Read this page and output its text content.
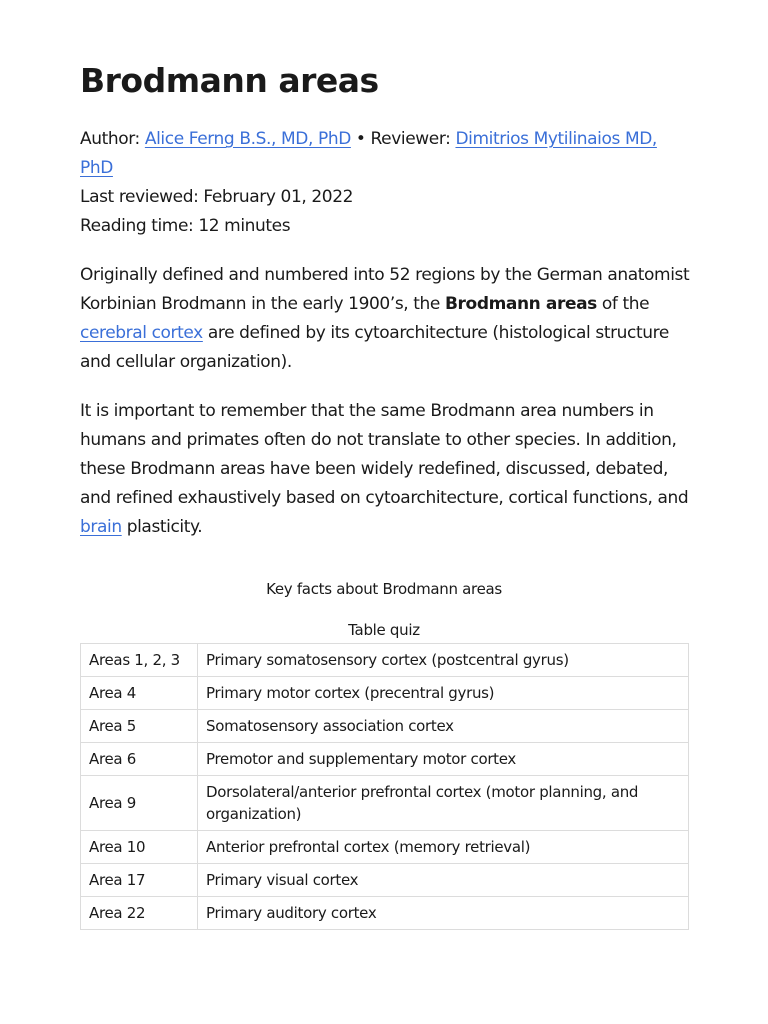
Brodmann areas

Author: Alice Ferng B.S., MD, PhD • Reviewer: Dimitrios Mytilinaios MD, PhD

Last reviewed: February 01, 2022

Reading time: 12 minutes

Originally defined and numbered into 52 regions by the German anatomist Korbinian Brodmann in the early 1900’s, the Brodmann areas of the cerebral cortex are defined by its cytoarchitecture (histological structure and cellular organization).

It is important to remember that the same Brodmann area numbers in humans and primates often do not translate to other species. In addition, these Brodmann areas have been widely redefined, discussed, debated, and refined exhaustively based on cytoarchitecture, cortical functions, and brain plasticity.

Key facts about Brodmann areas
Table quiz
Areas 1, 2, 3	Primary somatosensory cortex (postcentral gyrus)
Area 4	Primary motor cortex (precentral gyrus)
Area 5	Somatosensory association cortex
Area 6	Premotor and supplementary motor cortex
Area 9	Dorsolateral/anterior prefrontal cortex (motor planning, and organization)
Area 10	Anterior prefrontal cortex (memory retrieval)
Area 17	Primary visual cortex
Area 22	Primary auditory cortex
